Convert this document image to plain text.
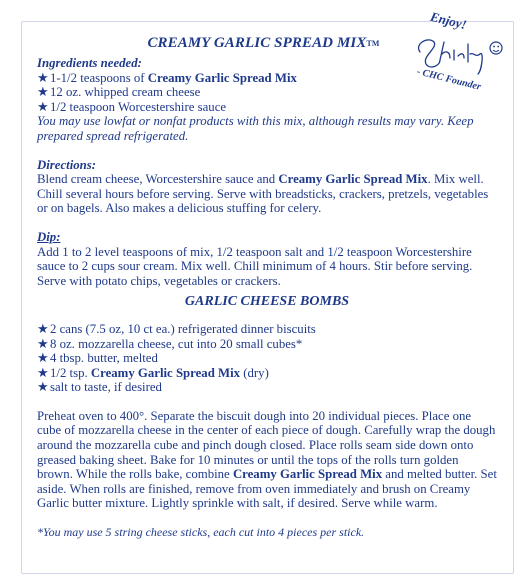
Enjoy!
- CHC Founder
CREAMY GARLIC SPREAD MIXTM
Ingredients needed:
★ 1-1/2 teaspoons of Creamy Garlic Spread Mix
★ 12 oz. whipped cream cheese
★ 1/2 teaspoon Worcestershire sauce

You may use lowfat or nonfat products with this mix, although results may vary. Keep prepared spread refrigerated.

Directions:

Blend cream cheese, Worcestershire sauce and Creamy Garlic Spread Mix. Mix well. Chill several hours before serving. Serve with breadsticks, crackers, pretzels, vegetables or on bagels. Also makes a delicious stuffing for celery.

Dip:

Add 1 to 2 level teaspoons of mix, 1/2 teaspoon salt and 1/2 teaspoon Worcestershire sauce to 2 cups sour cream. Mix well. Chill minimum of 4 hours. Stir before serving. Serve with potato chips, vegetables or crackers.

GARLIC CHEESE BOMBS
★ 2 cans (7.5 oz, 10 ct ea.) refrigerated dinner biscuits
★ 8 oz. mozzarella cheese, cut into 20 small cubes*
★ 4 tbsp. butter, melted
★ 1/2 tsp. Creamy Garlic Spread Mix (dry)
★ salt to taste, if desired

Preheat oven to 400°. Separate the biscuit dough into 20 individual pieces. Place one cube of mozzarella cheese in the center of each piece of dough. Carefully wrap the dough around the mozzarella cube and pinch dough closed. Place rolls seam side down onto greased baking sheet. Bake for 10 minutes or until the tops of the rolls turn golden brown. While the rolls bake, combine Creamy Garlic Spread Mix and melted butter. Set aside. When rolls are finished, remove from oven immediately and brush on Creamy Garlic butter mixture. Lightly sprinkle with salt, if desired. Serve while warm.

*You may use 5 string cheese sticks, each cut into 4 pieces per stick.
